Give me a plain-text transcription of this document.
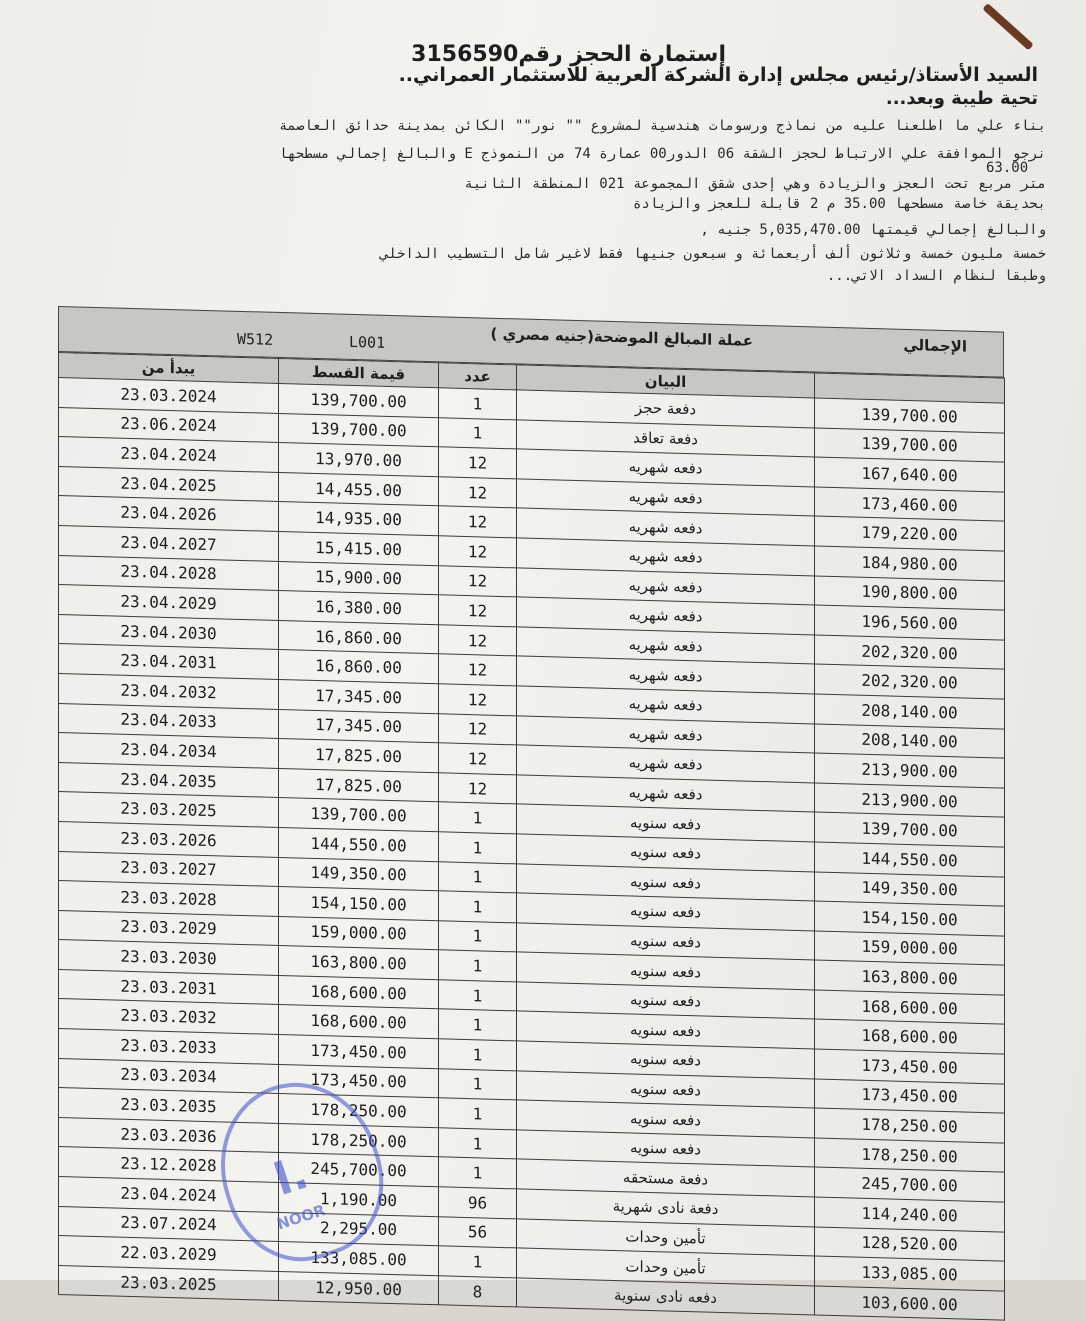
إستمارة الحجز رقم3156590
السيد الأستاذ/رئيس مجلس إدارة الشركة العربية للاستثمار العمراني..
تحية طيبة وبعد...
بناء علي ما اطلعنا عليه من نماذج ورسومات هندسية لمشروع "" نور"" الكائن بمدينة حدائق العاصمة
نرجو الموافقة علي الارتباط لحجز الشقة 06 الدور00 عمارة 74 من النموذج E والبالغ إجمالي مسطحها
63.00
متر مربع تحت العجز والزيادة وهي إحدى شقق المجموعة 021 المنطقة الثانية
بحديقة خاصة مسطحها 35.00 م 2 قابلة للعجز والزيادة
والبالغ إجمالي قيمتها 5,035,470.00 جنيه ,
خمسة مليون خمسة وثلاثون ألف أربعمائة و سبعون جنيها فقط لاغير شامل التسطيب الداخلي
وطبقا لنظام السداد الاتي...
عملة المبالغ الموضحة(جنيه مصري )	الإجمالي
L001
W512
يبدأ من	قيمة القسط	عدد	البيان	
23.03.2024	139,700.00	1	دفعة حجز	139,700.00
23.06.2024	139,700.00	1	دفعة تعاقد	139,700.00
23.04.2024	13,970.00	12	دفعه شهريه	167,640.00
23.04.2025	14,455.00	12	دفعه شهريه	173,460.00
23.04.2026	14,935.00	12	دفعه شهريه	179,220.00
23.04.2027	15,415.00	12	دفعه شهريه	184,980.00
23.04.2028	15,900.00	12	دفعه شهريه	190,800.00
23.04.2029	16,380.00	12	دفعه شهريه	196,560.00
23.04.2030	16,860.00	12	دفعه شهريه	202,320.00
23.04.2031	16,860.00	12	دفعه شهريه	202,320.00
23.04.2032	17,345.00	12	دفعه شهريه	208,140.00
23.04.2033	17,345.00	12	دفعه شهريه	208,140.00
23.04.2034	17,825.00	12	دفعه شهريه	213,900.00
23.04.2035	17,825.00	12	دفعه شهريه	213,900.00
23.03.2025	139,700.00	1	دفعه سنويه	139,700.00
23.03.2026	144,550.00	1	دفعه سنويه	144,550.00
23.03.2027	149,350.00	1	دفعه سنويه	149,350.00
23.03.2028	154,150.00	1	دفعه سنويه	154,150.00
23.03.2029	159,000.00	1	دفعه سنويه	159,000.00
23.03.2030	163,800.00	1	دفعه سنويه	163,800.00
23.03.2031	168,600.00	1	دفعه سنويه	168,600.00
23.03.2032	168,600.00	1	دفعه سنويه	168,600.00
23.03.2033	173,450.00	1	دفعه سنويه	173,450.00
23.03.2034	173,450.00	1	دفعه سنويه	173,450.00
23.03.2035	178,250.00	1	دفعه سنويه	178,250.00
23.03.2036	178,250.00	1	دفعه سنويه	178,250.00
23.12.2028	245,700.00	1	دفعة مستحقه	245,700.00
23.04.2024	1,190.00	96	دفعة نادى شهرية	114,240.00
23.07.2024	2,295.00	56	تأمين وحدات	128,520.00
22.03.2029	133,085.00	1	تأمين وحدات	133,085.00
23.03.2025	12,950.00	8	دفعه نادى سنوية	103,600.00
ا.
NOOR
